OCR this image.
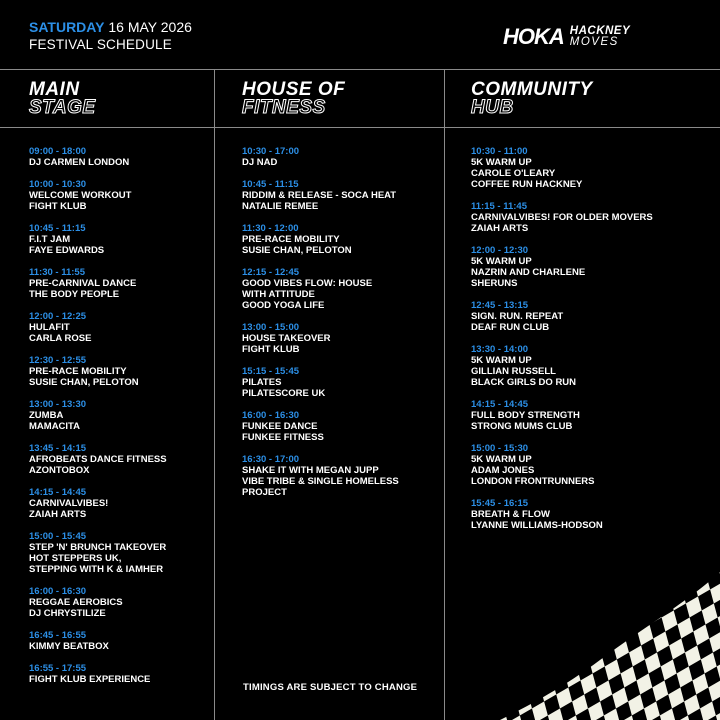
SATURDAY 16 MAY 2026
FESTIVAL SCHEDULE	HOKA HACKNEY
MOVES
MAIN
STAGE
HOUSE OF
FITNESS
COMMUNITY
HUB
09:00 - 18:00
DJ CARMEN LONDON
10:00 - 10:30
WELCOME WORKOUT
FIGHT KLUB
10:45 - 11:15
F.I.T JAM
FAYE EDWARDS
11:30 - 11:55
PRE-CARNIVAL DANCE
THE BODY PEOPLE
12:00 - 12:25
HULAFIT
CARLA ROSE
12:30 - 12:55
PRE-RACE MOBILITY
SUSIE CHAN, PELOTON
13:00 - 13:30
ZUMBA
MAMACITA
13:45 - 14:15
AFROBEATS DANCE FITNESS
AZONTOBOX
14:15 - 14:45
CARNIVALVIBES!
ZAIAH ARTS
15:00 - 15:45
STEP 'N' BRUNCH TAKEOVER
HOT STEPPERS UK,
STEPPING WITH K & IAMHER
16:00 - 16:30
REGGAE AEROBICS
DJ CHRYSTILIZE
16:45 - 16:55
KIMMY BEATBOX
16:55 - 17:55
FIGHT KLUB EXPERIENCE
10:30 - 17:00
DJ NAD
10:45 - 11:15
RIDDIM & RELEASE - SOCA HEAT
NATALIE REMEE
11:30 - 12:00
PRE-RACE MOBILITY
SUSIE CHAN, PELOTON
12:15 - 12:45
GOOD VIBES FLOW: HOUSE
WITH ATTITUDE
GOOD YOGA LIFE
13:00 - 15:00
HOUSE TAKEOVER
FIGHT KLUB
15:15 - 15:45
PILATES
PILATESCORE UK
16:00 - 16:30
FUNKEE DANCE
FUNKEE FITNESS
16:30 - 17:00
SHAKE IT WITH MEGAN JUPP
VIBE TRIBE & SINGLE HOMELESS
PROJECT
10:30 - 11:00
5K WARM UP
CAROLE O'LEARY
COFFEE RUN HACKNEY
11:15 - 11:45
CARNIVALVIBES! FOR OLDER MOVERS
ZAIAH ARTS
12:00 - 12:30
5K WARM UP
NAZRIN AND CHARLENE
SHERUNS
12:45 - 13:15
SIGN. RUN. REPEAT
DEAF RUN CLUB
13:30 - 14:00
5K WARM UP
GILLIAN RUSSELL
BLACK GIRLS DO RUN
14:15 - 14:45
FULL BODY STRENGTH
STRONG MUMS CLUB
15:00 - 15:30
5K WARM UP
ADAM JONES
LONDON FRONTRUNNERS
15:45 - 16:15
BREATH & FLOW
LYANNE WILLIAMS-HODSON
TIMINGS ARE SUBJECT TO CHANGE
